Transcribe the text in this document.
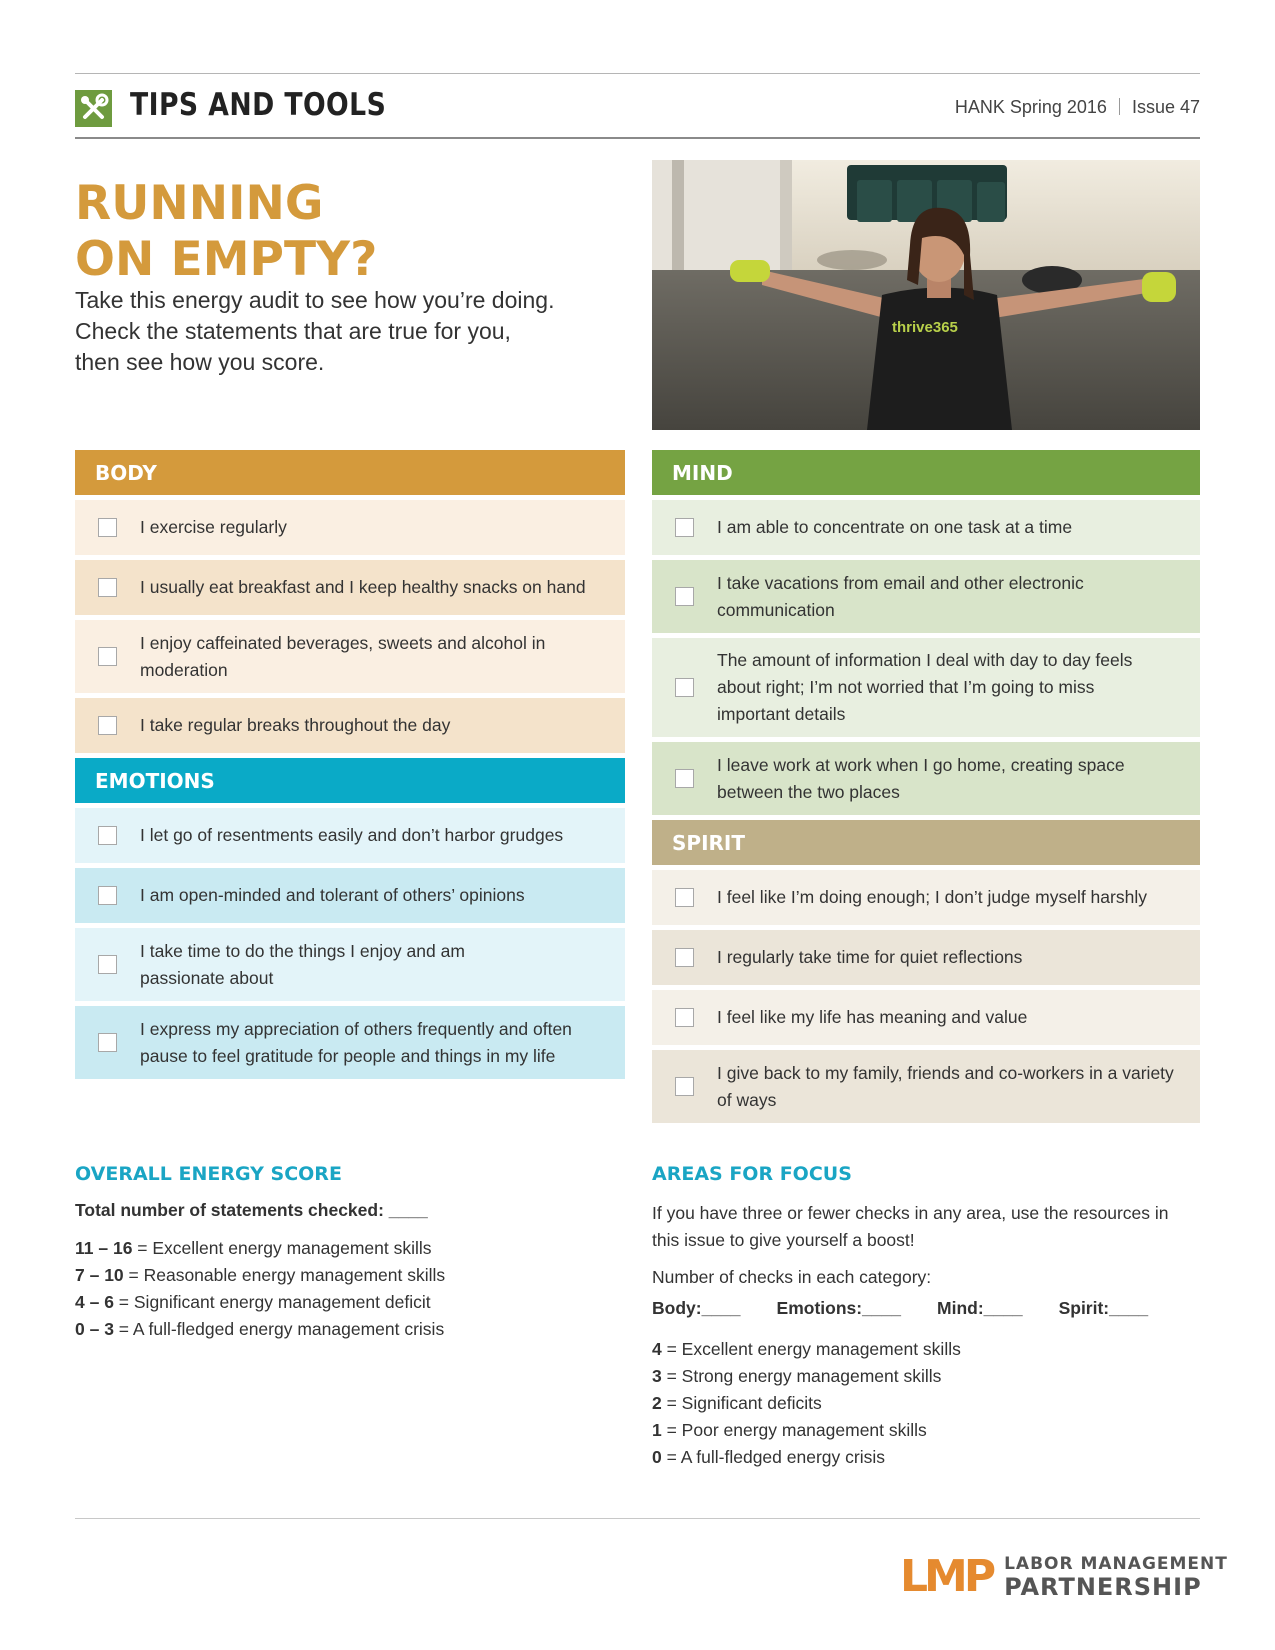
TIPS AND TOOLS	HANK Spring 2016 Issue 47
RUNNING
ON EMPTY?
Take this energy audit to see how you’re doing.
Check the statements that are true for you,
then see how you score.
thrive365
BODY
I exercise regularly
I usually eat breakfast and I keep healthy snacks on hand
I enjoy caffeinated beverages, sweets and alcohol in moderation
I take regular breaks throughout the day
EMOTIONS
I let go of resentments easily and don’t harbor grudges
I am open-minded and tolerant of others’ opinions
I take time to do the things I enjoy and am passionate about
I express my appreciation of others frequently and often pause to feel gratitude for people and things in my life
MIND
I am able to concentrate on one task at a time
I take vacations from email and other electronic communication
The amount of information I deal with day to day feels about right; I’m not worried that I’m going to miss important details
I leave work at work when I go home, creating space between the two places
SPIRIT
I feel like I’m doing enough; I don’t judge myself harshly
I regularly take time for quiet reflections
I feel like my life has meaning and value
I give back to my family, friends and co-workers in a variety of ways
OVERALL ENERGY SCORE
Total number of statements checked: ____
11 – 16 = Excellent energy management skills
7 – 10 = Reasonable energy management skills
4 – 6 = Significant energy management deficit
0 – 3 = A full-fledged energy management crisis
AREAS FOR FOCUS
If you have three or fewer checks in any area, use the resources in this issue to give yourself a boost!
Number of checks in each category:
Body:____ Emotions:____ Mind:____ Spirit:____
4 = Excellent energy management skills
3 = Strong energy management skills
2 = Significant deficits
1 = Poor energy management skills
0 = A full-fledged energy crisis
LMP LABOR MANAGEMENT
PARTNERSHIP
